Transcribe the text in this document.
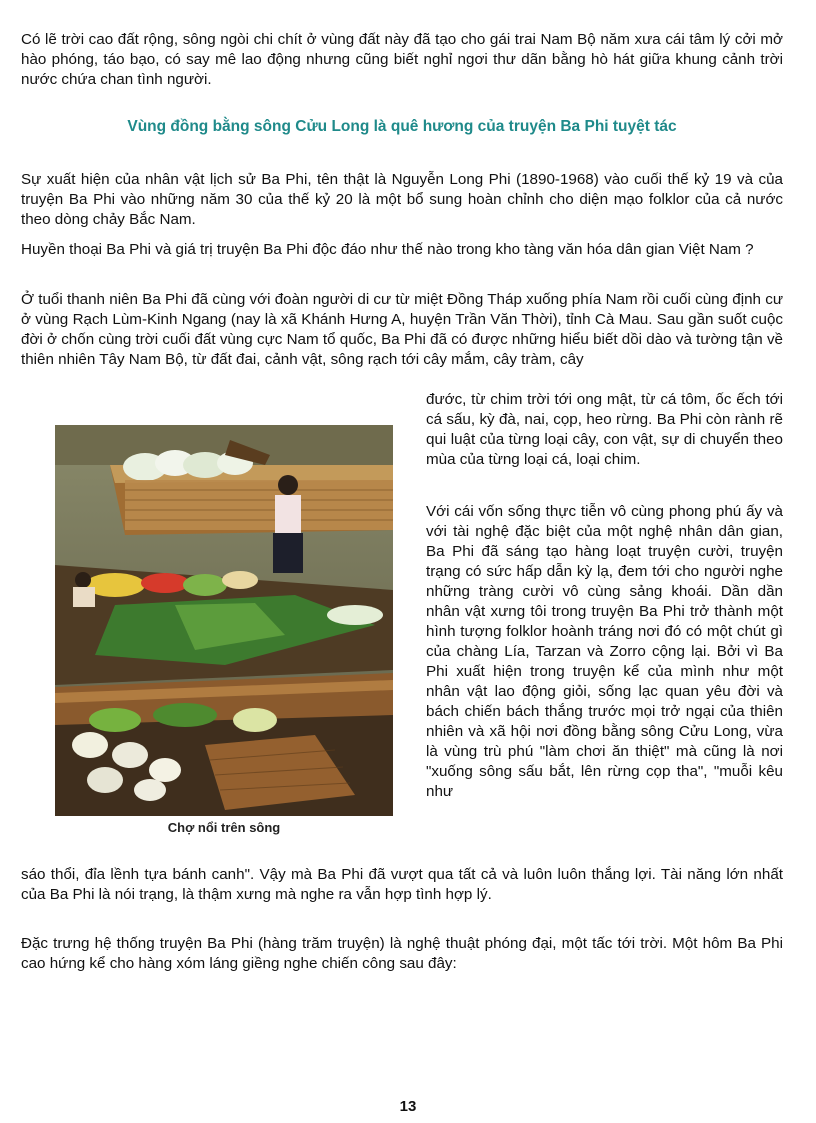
Có lẽ trời cao đất rộng, sông ngòi chi chít ở vùng đất này đã tạo cho gái trai Nam Bộ năm xưa cái tâm lý cởi mở hào phóng, táo bạo, có say mê lao động nhưng cũng biết nghỉ ngơi thư dãn bằng hò hát giữa khung cảnh trời nước chứa chan tình người.

Vùng đồng bằng sông Cửu Long là quê hương của truyện Ba Phi tuyệt tác

Sự xuất hiện của nhân vật lịch sử Ba Phi, tên thật là Nguyễn Long Phi (1890-1968) vào cuối thế kỷ 19 và của truyện Ba Phi vào những năm 30 của thế kỷ 20 là một bổ sung hoàn chỉnh cho diện mạo folklor của cả nước theo dòng chảy Bắc Nam.

Huyền thoại Ba Phi và giá trị truyện Ba Phi độc đáo như thế nào trong kho tàng văn hóa dân gian Việt Nam ?

Ở tuổi thanh niên Ba Phi đã cùng với đoàn người di cư từ miệt Đồng Tháp xuống phía Nam rồi cuối cùng định cư ở vùng Rạch Lùm-Kinh Ngang (nay là xã Khánh Hưng A, huyện Trần Văn Thời), tỉnh Cà Mau. Sau gần suốt cuộc đời ở chốn cùng trời cuối đất vùng cực Nam tổ quốc, Ba Phi đã có được những hiểu biết dồi dào và tường tận về thiên nhiên Tây Nam Bộ, từ đất đai, cảnh vật, sông rạch tới cây mắm, cây tràm, cây

đước, từ chim trời tới ong mật, từ cá tôm, ốc ếch tới cá sấu, kỳ đà, nai, cọp, heo rừng. Ba Phi còn rành rẽ qui luật của từng loại cây, con vật, sự di chuyển theo mùa của từng loại cá, loại chim.

Với cái vốn sống thực tiễn vô cùng phong phú ấy và với tài nghệ đặc biệt của một nghệ nhân dân gian, Ba Phi đã sáng tạo hàng loạt truyện cười, truyện trạng có sức hấp dẫn kỳ lạ, đem tới cho người nghe những tràng cười vô cùng sảng khoái. Dần dần nhân vật xưng tôi trong truyện Ba Phi trở thành một hình tượng folklor hoành tráng nơi đó có một chút gì của chàng Lía, Tarzan và Zorro cộng lại. Bởi vì Ba Phi xuất hiện trong truyện kể của mình như một nhân vật lao động giỏi, sống lạc quan yêu đời và bách chiến bách thắng trước mọi trở ngại của thiên nhiên và xã hội nơi đồng bằng sông Cửu Long, vừa là vùng trù phú "làm chơi ăn thiệt" mà cũng là nơi "xuống sông sấu bắt, lên rừng cọp tha", "muỗi kêu như

Chợ nổi trên sông

sáo thổi, đỉa lềnh tựa bánh canh". Vậy mà Ba Phi đã vượt qua tất cả và luôn luôn thắng lợi. Tài năng lớn nhất của Ba Phi là nói trạng, là thậm xưng mà nghe ra vẫn hợp tình hợp lý.

Đặc trưng hệ thống truyện Ba Phi (hàng trăm truyện) là nghệ thuật phóng đại, một tấc tới trời. Một hôm Ba Phi cao hứng kể cho hàng xóm láng giềng nghe chiến công sau đây:

13
